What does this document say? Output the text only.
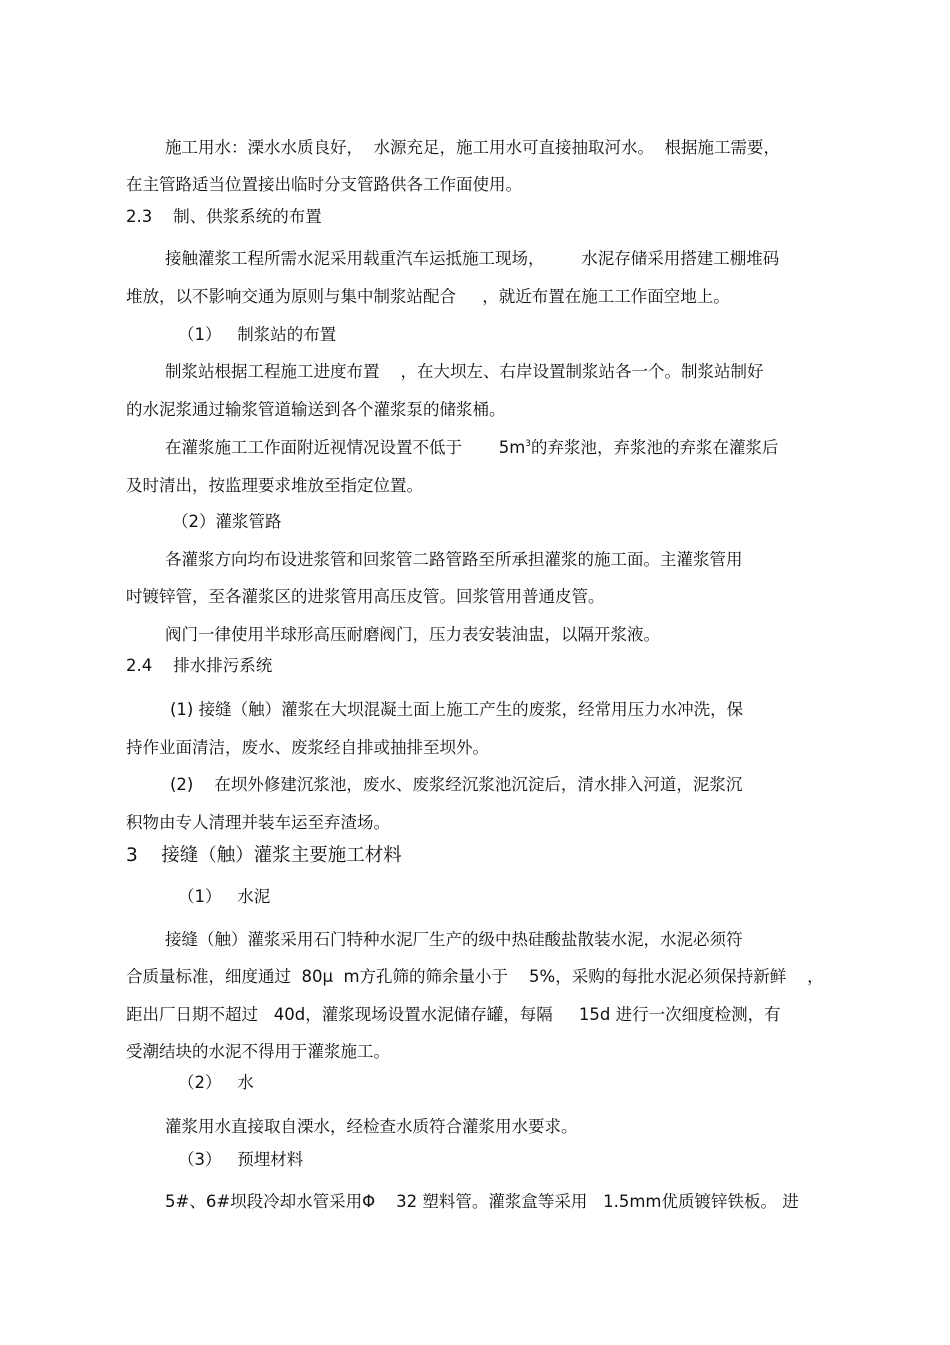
施工用水：溧水水质良好，  水源充足，施工用水可直接抽取河水。  根据施工需要，
在主管路适当位置接出临时分支管路供各工作面使用。
2.3    制、供浆系统的布置
接触灌浆工程所需水泥采用载重汽车运抵施工现场，       水泥存储采用搭建工棚堆码
堆放，以不影响交通为原则与集中制浆站配合     ，就近布置在施工工作面空地上。
（1）   制浆站的布置
制浆站根据工程施工进度布置    ，在大坝左、右岸设置制浆站各一个。制浆站制好
的水泥浆通过输浆管道输送到各个灌浆泵的储浆桶。
在灌浆施工工作面附近视情况设置不低于       $5m^3$的弃浆池，弃浆池的弃浆在灌浆后
及时清出，按监理要求堆放至指定位置。
（2）灌浆管路
各灌浆方向均布设进浆管和回浆管二路管路至所承担灌浆的施工面。主灌浆管用
吋镀锌管，至各灌浆区的进浆管用高压皮管。回浆管用普通皮管。
阀门一律使用半球形高压耐磨阀门，压力表安装油盅，以隔开浆液。
2.4    排水排污系统
(1) 接缝（触）灌浆在大坝混凝土面上施工产生的废浆，经常用压力水冲洗，保
持作业面清洁，废水、废浆经自排或抽排至坝外。
(2)    在坝外修建沉浆池，废水、废浆经沉浆池沉淀后，清水排入河道，泥浆沉
积物由专人清理并装车运至弃渣场。
3    接缝（触）灌浆主要施工材料
（1）   水泥
接缝（触）灌浆采用石门特种水泥厂生产的级中热硅酸盐散装水泥，水泥必须符
合质量标准，细度通过  80μ  m方孔筛的筛余量小于    5%，采购的每批水泥必须保持新鲜    ，
距出厂日期不超过   40d，灌浆现场设置水泥储存罐，每隔     15d 进行一次细度检测，有
受潮结块的水泥不得用于灌浆施工。
（2）   水
灌浆用水直接取自溧水，经检查水质符合灌浆用水要求。
（3）   预埋材料
5#、6#坝段冷却水管采用Φ    32 塑料管。灌浆盒等采用   1.5mm优质镀锌铁板。 进
